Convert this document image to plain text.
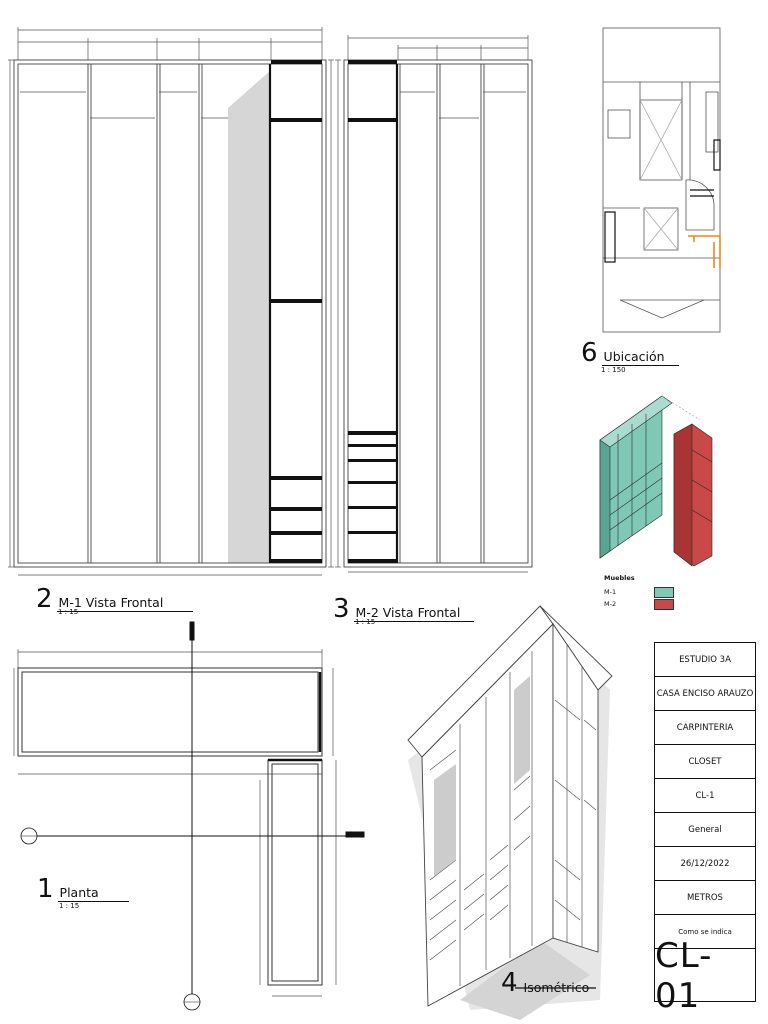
2 M-1 Vista Frontal
1 : 15	3 M-2 Vista Frontal
1 : 15
1 Planta
1 : 15
4 Isométrico
6 Ubicación
1 : 150
Muebles
M-1
M-2
ESTUDIO 3A
CASA ENCISO ARAUZO
CARPINTERIA
CLOSET
CL-1
General
26/12/2022
METROS
Como se indica
CL-01
